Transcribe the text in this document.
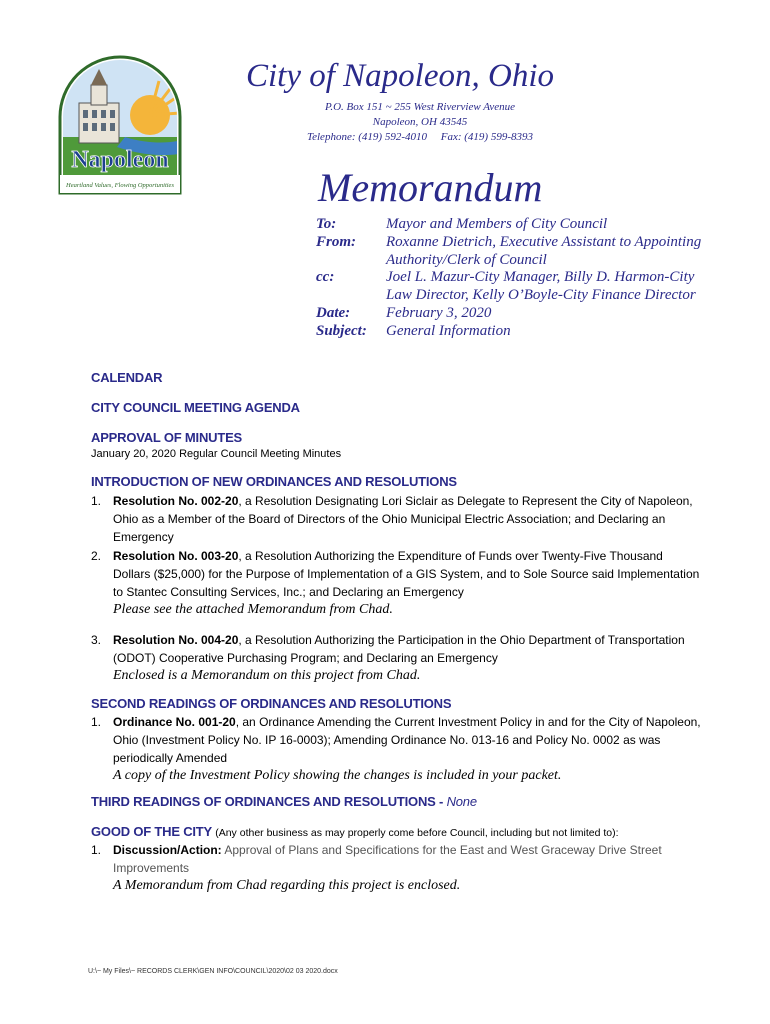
Napoleon
Heartland Values, Flowing Opportunities
City of Napoleon, Ohio
P.O. Box 151 ~ 255 West Riverview Avenue
Napoleon, OH 43545
Telephone: (419) 592-4010     Fax: (419) 599-8393
Memorandum
To:	Mayor and Members of City Council
From: Roxanne Dietrich, Executive Assistant to Appointing Authority/Clerk of Council
cc:	Joel L. Mazur-City Manager, Billy D. Harmon-City Law Director, Kelly O’Boyle-City Finance Director
Date: February 3, 2020
Subject: General Information
CALENDAR
CITY COUNCIL MEETING AGENDA
APPROVAL OF MINUTES
January 20, 2020 Regular Council Meeting Minutes
INTRODUCTION OF NEW ORDINANCES AND RESOLUTIONS
1. Resolution No. 002-20, a Resolution Designating Lori Siclair as Delegate to Represent the City of Napoleon, Ohio as a Member of the Board of Directors of the Ohio Municipal Electric Association; and Declaring an Emergency
2. Resolution No. 003-20, a Resolution Authorizing the Expenditure of Funds over Twenty-Five Thousand Dollars ($25,000) for the Purpose of Implementation of a GIS System, and to Sole Source said Implementation to Stantec Consulting Services, Inc.; and Declaring an Emergency
Please see the attached Memorandum from Chad.
3. Resolution No. 004-20, a Resolution Authorizing the Participation in the Ohio Department of Transportation (ODOT) Cooperative Purchasing Program; and Declaring an Emergency
Enclosed is a Memorandum on this project from Chad.
SECOND READINGS OF ORDINANCES AND RESOLUTIONS
1. Ordinance No. 001-20, an Ordinance Amending the Current Investment Policy in and for the City of Napoleon, Ohio (Investment Policy No. IP 16-0003); Amending Ordinance No. 013-16 and Policy No. 0002 as was periodically Amended
A copy of the Investment Policy showing the changes is included in your packet.
THIRD READINGS OF ORDINANCES AND RESOLUTIONS - None
GOOD OF THE CITY (Any other business as may properly come before Council, including but not limited to):
1. Discussion/Action: Approval of Plans and Specifications for the East and West Graceway Drive Street Improvements
A Memorandum from Chad regarding this project is enclosed.
U:\~ My Files\~ RECORDS CLERK\GEN INFO\COUNCIL\2020\02 03 2020.docx
